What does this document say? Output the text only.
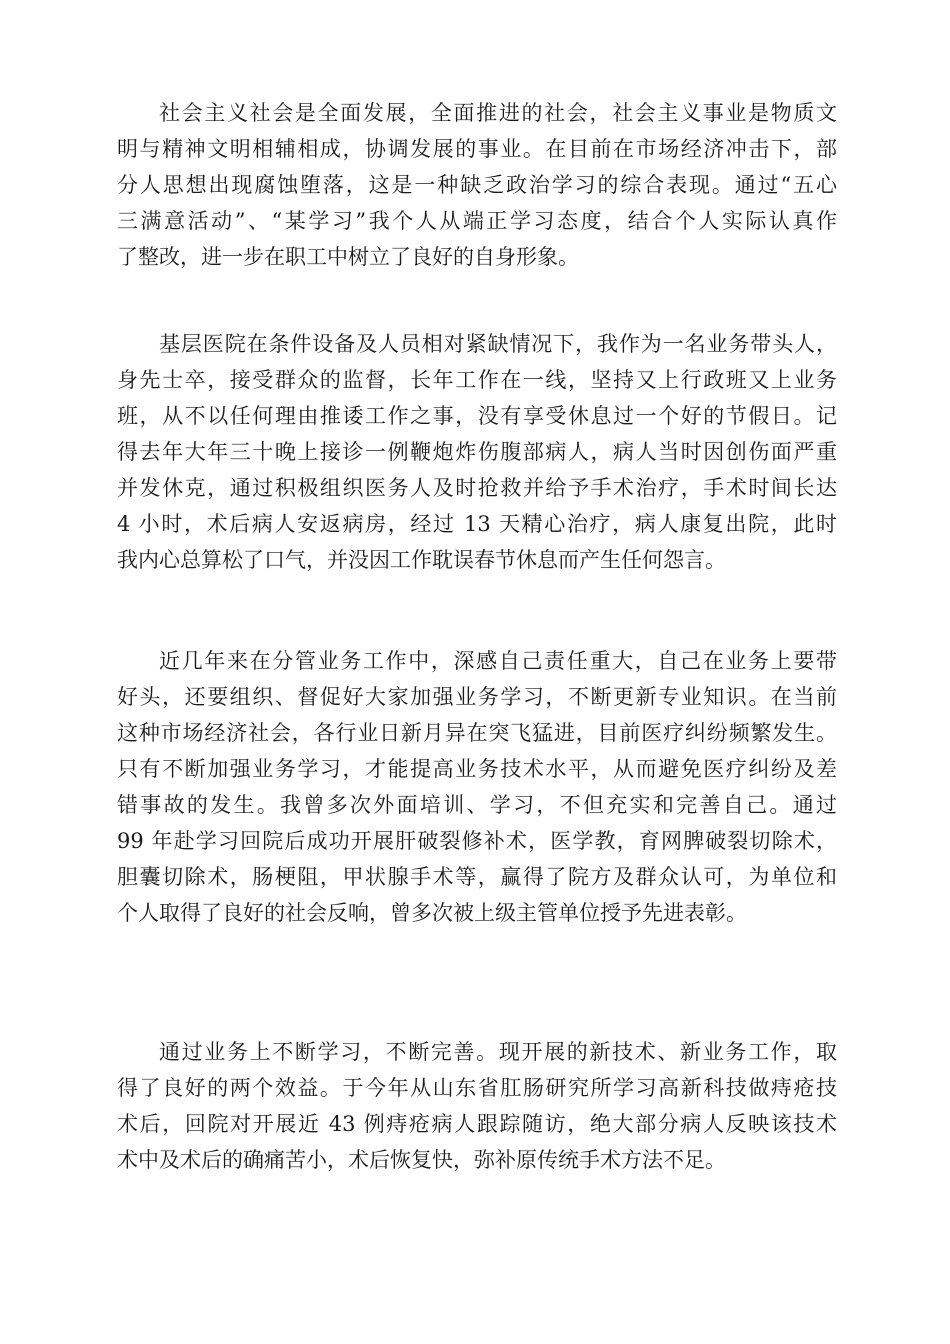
社会主义社会是全面发展，全面推进的社会，社会主义事业是物质文
明与精神文明相辅相成，协调发展的事业。在目前在市场经济冲击下，部
分人思想出现腐蚀堕落，这是一种缺乏政治学习的综合表现。通过“五心
三满意活动”、“某学习”我个人从端正学习态度，结合个人实际认真作
了整改，进一步在职工中树立了良好的自身形象。
基层医院在条件设备及人员相对紧缺情况下，我作为一名业务带头人，
身先士卒，接受群众的监督，长年工作在一线，坚持又上行政班又上业务
班，从不以任何理由推诿工作之事，没有享受休息过一个好的节假日。记
得去年大年三十晚上接诊一例鞭炮炸伤腹部病人，病人当时因创伤面严重
并发休克，通过积极组织医务人及时抢救并给予手术治疗，手术时间长达
4 小时，术后病人安返病房，经过 13 天精心治疗，病人康复出院，此时
我内心总算松了口气，并没因工作耽误春节休息而产生任何怨言。
近几年来在分管业务工作中，深感自己责任重大，自己在业务上要带
好头，还要组织、督促好大家加强业务学习，不断更新专业知识。在当前
这种市场经济社会，各行业日新月异在突飞猛进，目前医疗纠纷频繁发生。
只有不断加强业务学习，才能提高业务技术水平，从而避免医疗纠纷及差
错事故的发生。我曾多次外面培训、学习，不但充实和完善自己。通过
99 年赴学习回院后成功开展肝破裂修补术，医学教，育网脾破裂切除术，
胆囊切除术，肠梗阻，甲状腺手术等，赢得了院方及群众认可，为单位和
个人取得了良好的社会反响，曾多次被上级主管单位授予先进表彰。
通过业务上不断学习，不断完善。现开展的新技术、新业务工作，取
得了良好的两个效益。于今年从山东省肛肠研究所学习高新科技做痔疮技
术后，回院对开展近 43 例痔疮病人跟踪随访，绝大部分病人反映该技术
术中及术后的确痛苦小，术后恢复快，弥补原传统手术方法不足。
